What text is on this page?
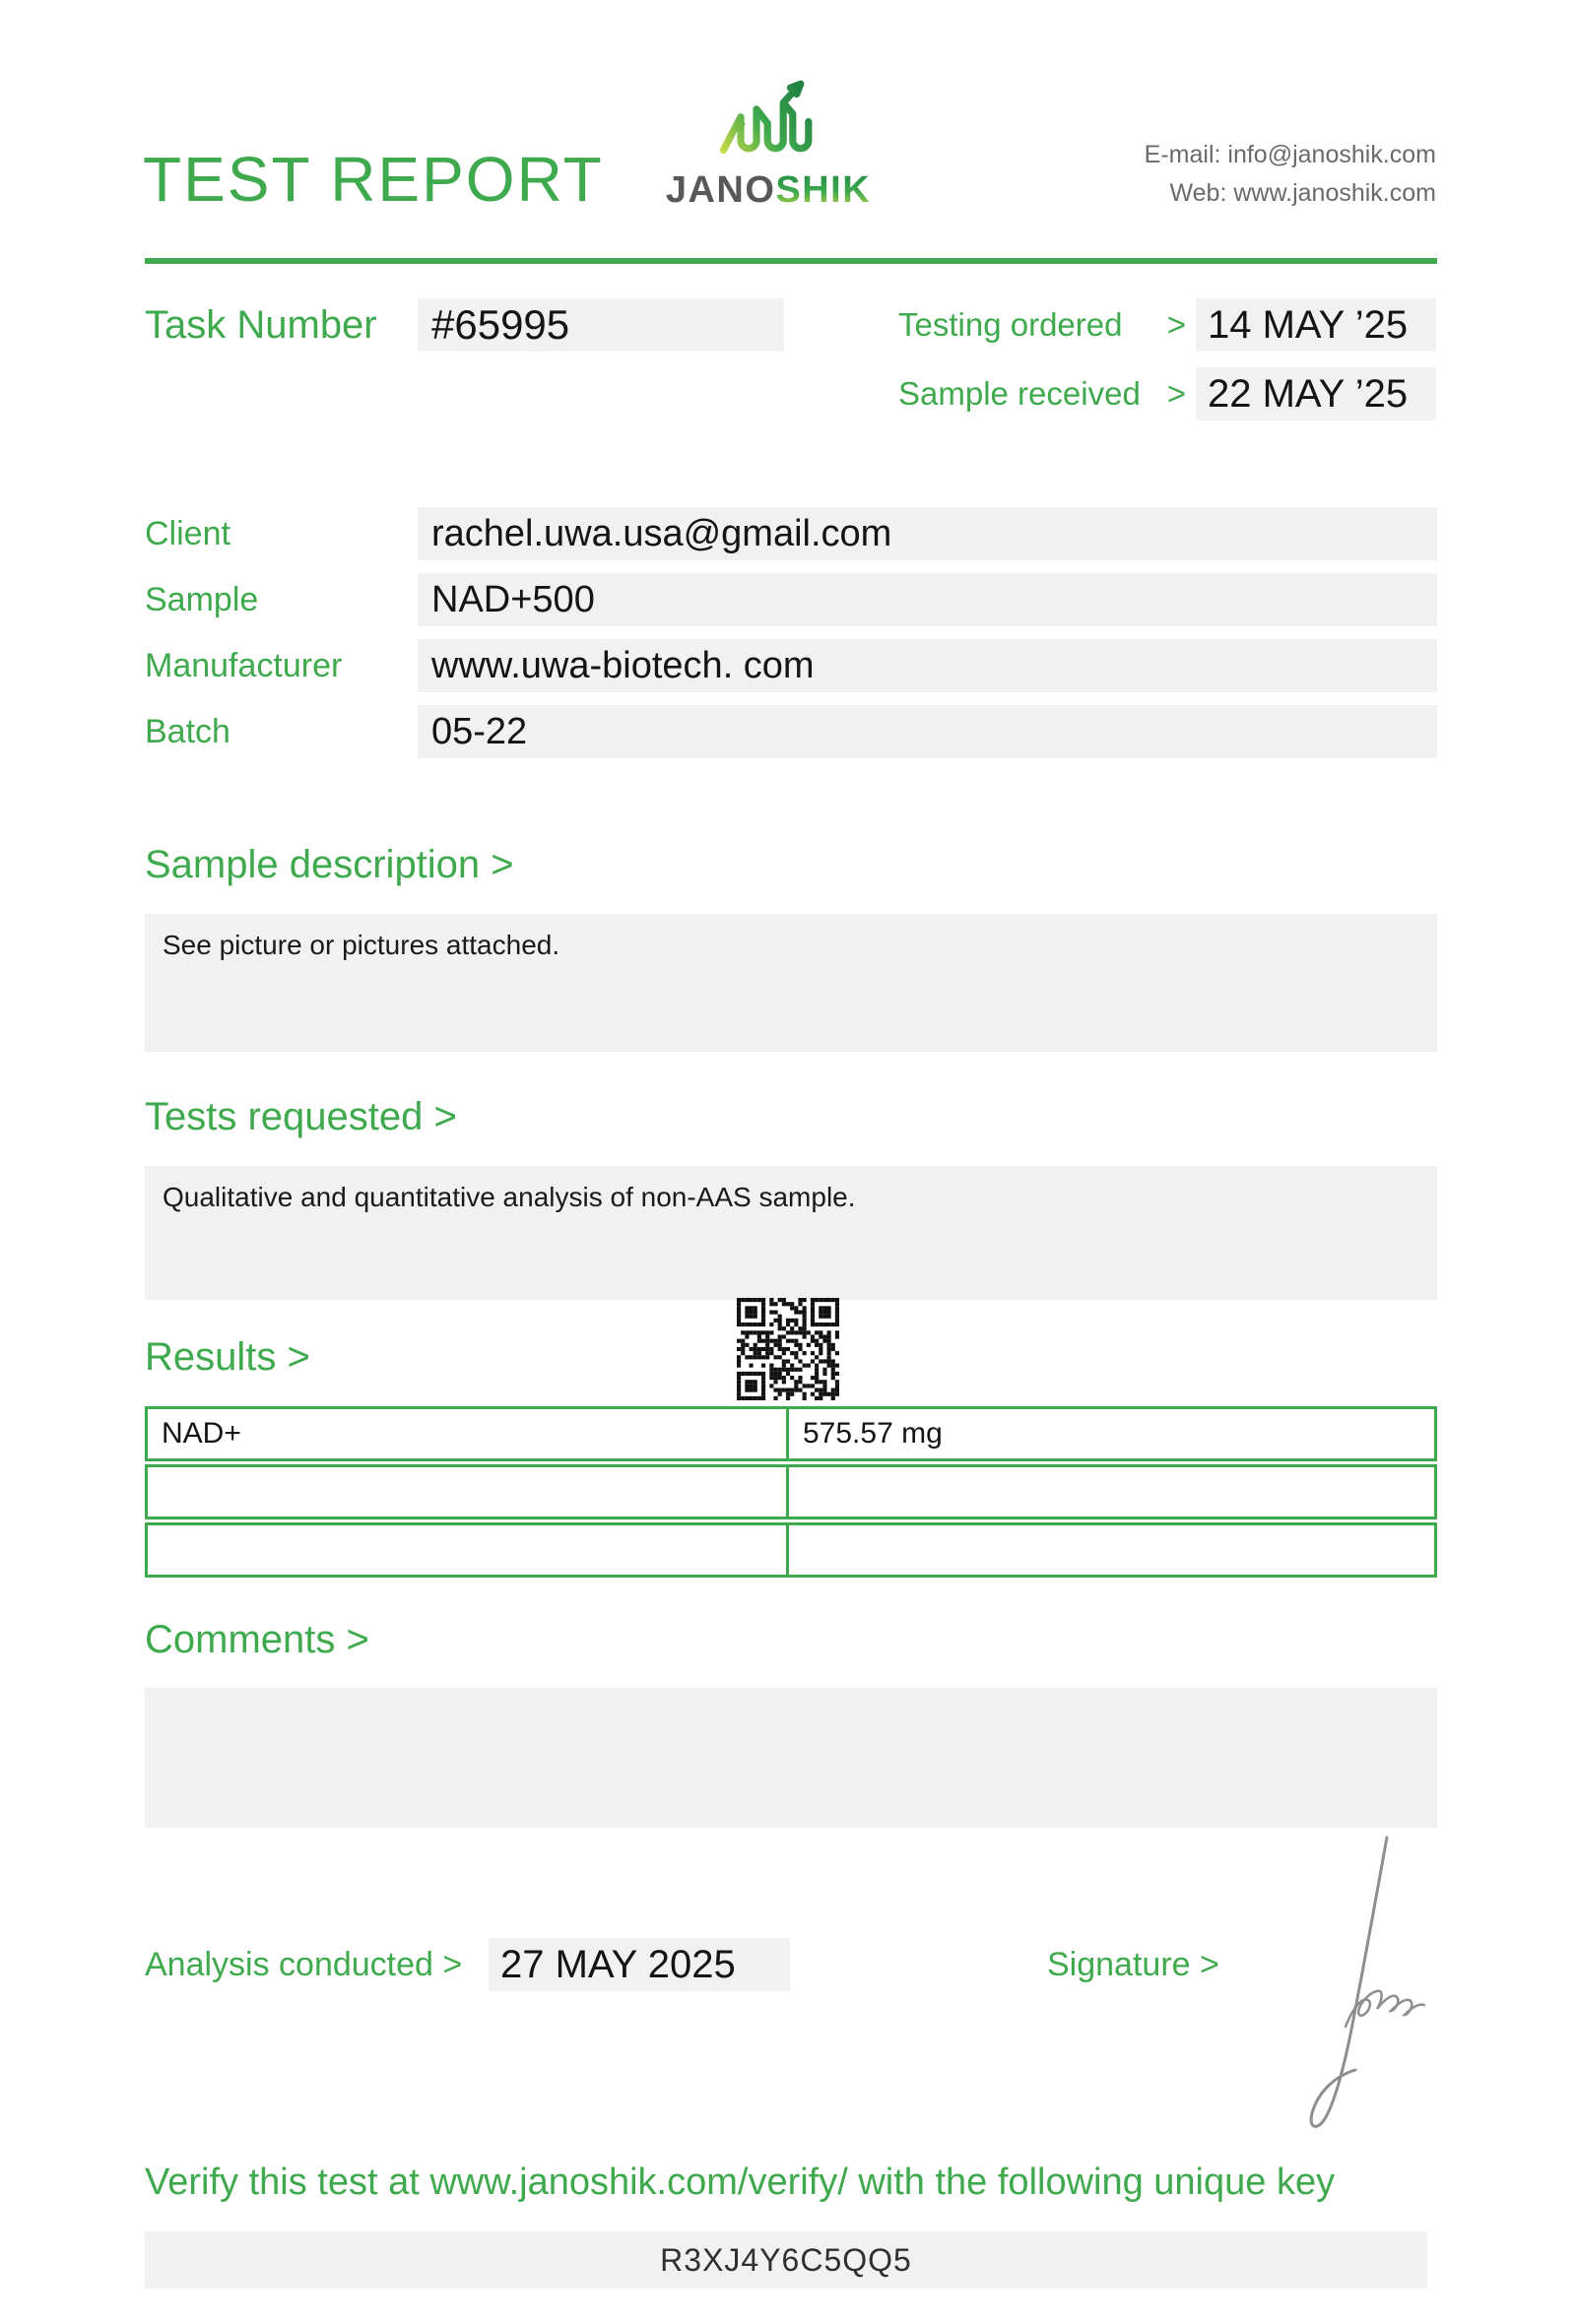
TEST REPORT	JANOSHIK
E-mail: info@janoshik.com
Web: www.janoshik.com
Task Number	#65995	Testing ordered > 14 MAY ’25
Sample received > 22 MAY ’25
Client	rachel.uwa.usa@gmail.com
Sample	NAD+500
Manufacturer	www.uwa-biotech. com
Batch	05-22
Sample description >
See picture or pictures attached.
Tests requested >
Qualitative and quantitative analysis of non-AAS sample.
Results >
NAD+	575.57 mg
Comments >
Analysis conducted > 27 MAY 2025	Signature >
Verify this test at www.janoshik.com/verify/ with the following unique key
R3XJ4Y6C5QQ5
